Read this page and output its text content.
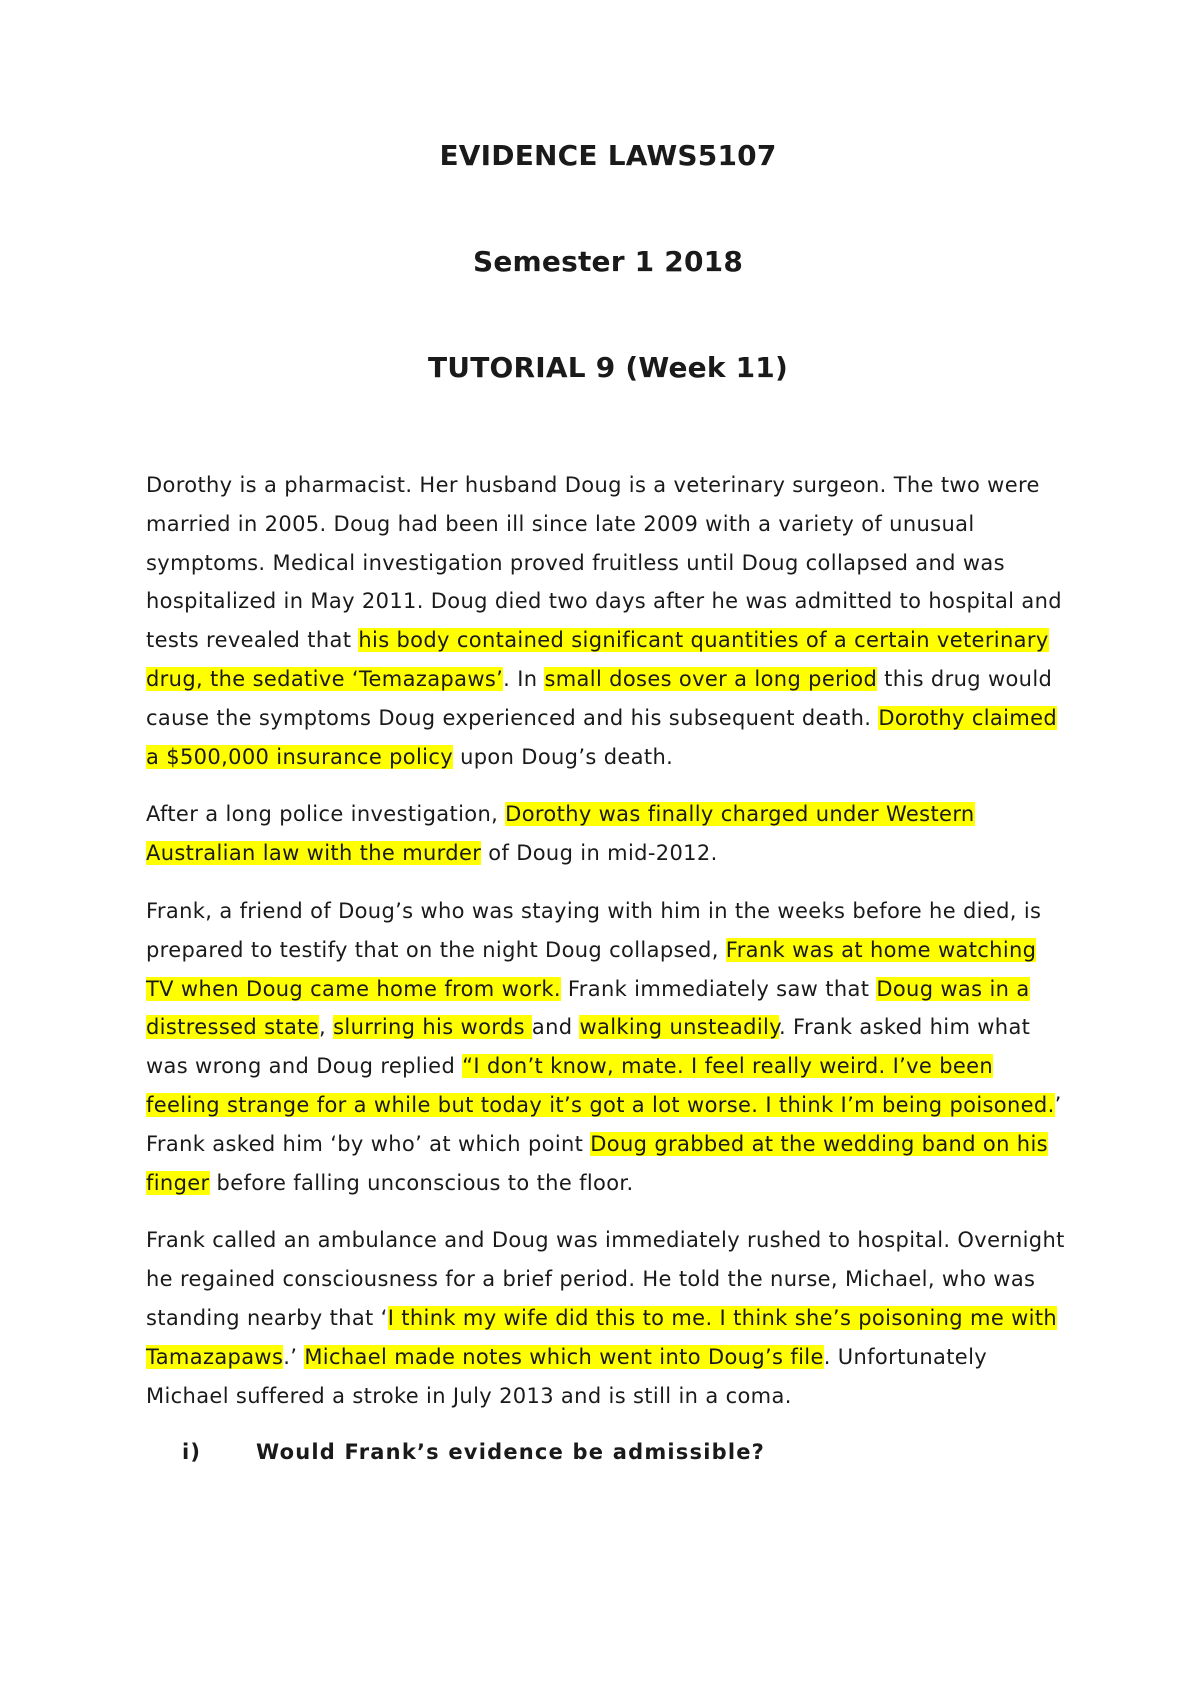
EVIDENCE LAWS5107

Semester 1 2018

TUTORIAL 9 (Week 11)

Dorothy is a pharmacist. Her husband Doug is a veterinary surgeon. The two were married in 2005. Doug had been ill since late 2009 with a variety of unusual symptoms. Medical investigation proved fruitless until Doug collapsed and was hospitalized in May 2011. Doug died two days after he was admitted to hospital and tests revealed that his body contained significant quantities of a certain veterinary drug, the sedative ‘Temazapaws’. In small doses over a long period this drug would cause the symptoms Doug experienced and his subsequent death. Dorothy claimed a $500,000 insurance policy upon Doug’s death.

After a long police investigation, Dorothy was finally charged under Western Australian law with the murder of Doug in mid-2012.

Frank, a friend of Doug’s who was staying with him in the weeks before he died, is prepared to testify that on the night Doug collapsed, Frank was at home watching TV when Doug came home from work. Frank immediately saw that Doug was in a distressed state, slurring his words and walking unsteadily. Frank asked him what was wrong and Doug replied “I don’t know, mate. I feel really weird. I’ve been feeling strange for a while but today it’s got a lot worse. I think I’m being poisoned.’ Frank asked him ‘by who’ at which point Doug grabbed at the wedding band on his finger before falling unconscious to the floor.

Frank called an ambulance and Doug was immediately rushed to hospital. Overnight he regained consciousness for a brief period. He told the nurse, Michael, who was standing nearby that ‘I think my wife did this to me. I think she’s poisoning me with Tamazapaws.’ Michael made notes which went into Doug’s file. Unfortunately Michael suffered a stroke in July 2013 and is still in a coma.

i)	Would Frank’s evidence be admissible?
